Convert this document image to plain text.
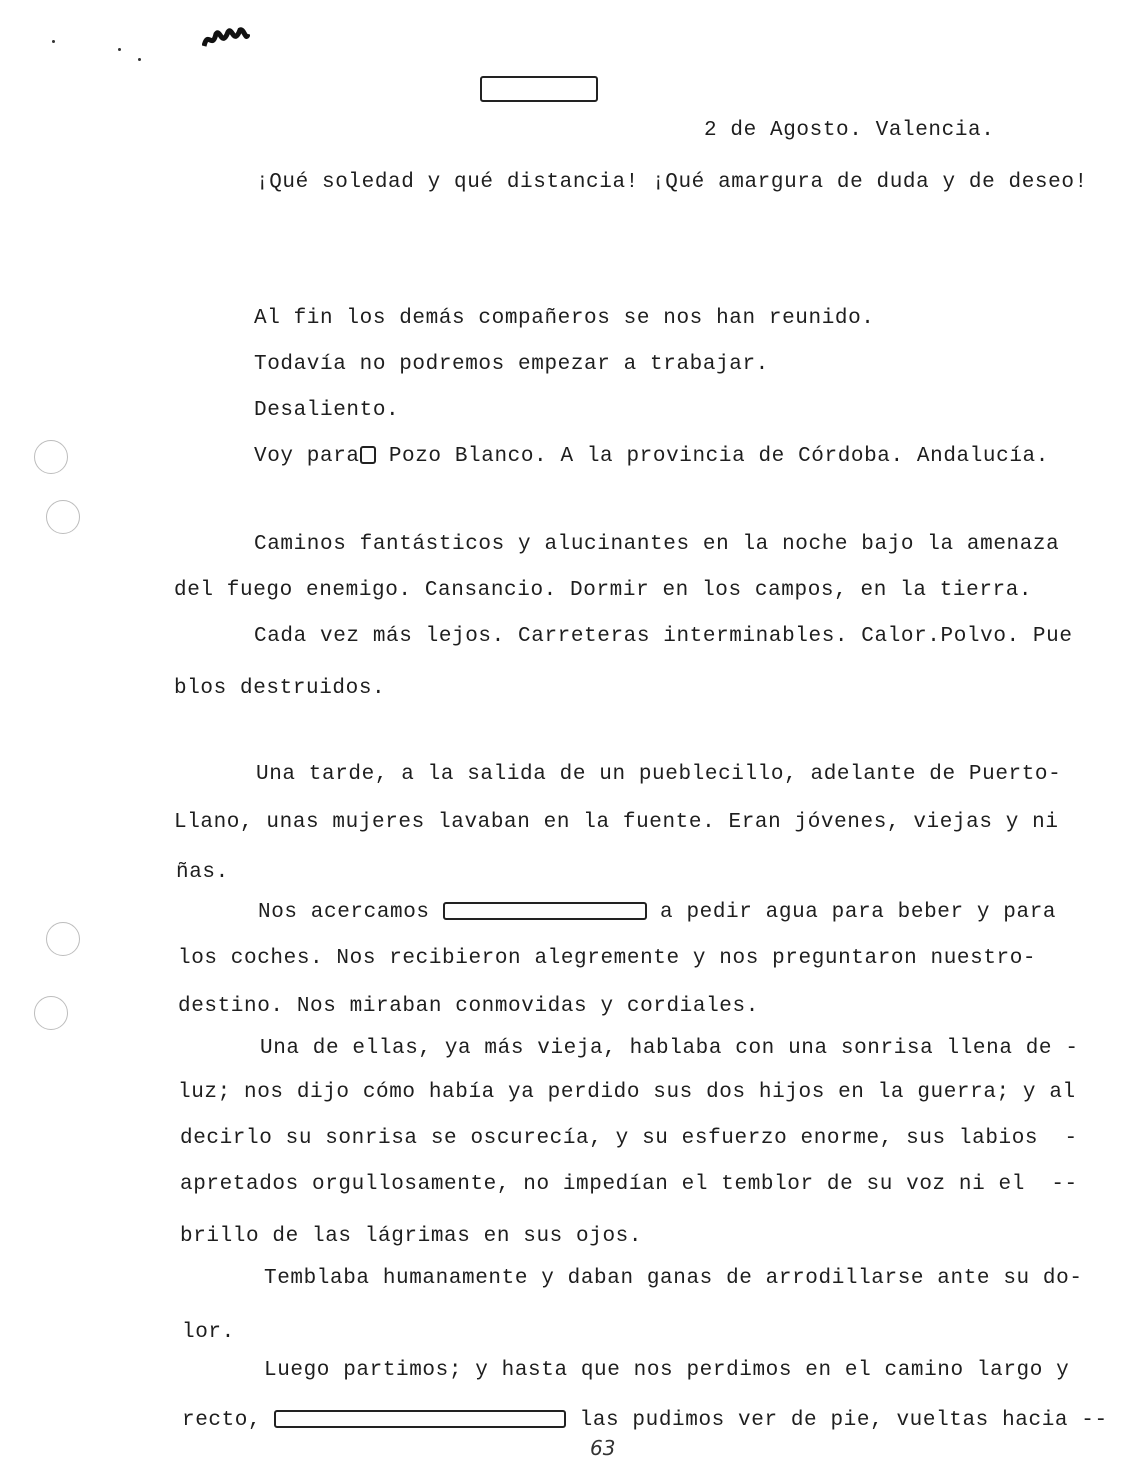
2 de Agosto. Valencia.
¡Qué soledad y qué distancia! ¡Qué amargura de duda y de deseo!
Al fin los demás compañeros se nos han reunido.
Todavía no podremos empezar a trabajar.
Desaliento.
Voy para Pozo Blanco. A la provincia de Córdoba. Andalucía.
Caminos fantásticos y alucinantes en la noche bajo la amenaza
del fuego enemigo. Cansancio. Dormir en los campos, en la tierra.
Cada vez más lejos. Carreteras interminables. Calor.Polvo. Pue
blos destruidos.
Una tarde, a la salida de un pueblecillo, adelante de Puerto-
Llano, unas mujeres lavaban en la fuente. Eran jóvenes, viejas y ni
ñas.
Nos acercamos	a pedir agua para beber y para
los coches. Nos recibieron alegremente y nos preguntaron nuestro-
destino. Nos miraban conmovidas y cordiales.
Una de ellas, ya más vieja, hablaba con una sonrisa llena de -
luz; nos dijo cómo había ya perdido sus dos hijos en la guerra; y al
decirlo su sonrisa se oscurecía, y su esfuerzo enorme, sus labios  -
apretados orgullosamente, no impedían el temblor de su voz ni el  --
brillo de las lágrimas en sus ojos.
Temblaba humanamente y daban ganas de arrodillarse ante su do-
lor.
Luego partimos; y hasta que nos perdimos en el camino largo y
recto,	las pudimos ver de pie, vueltas hacia --
63
